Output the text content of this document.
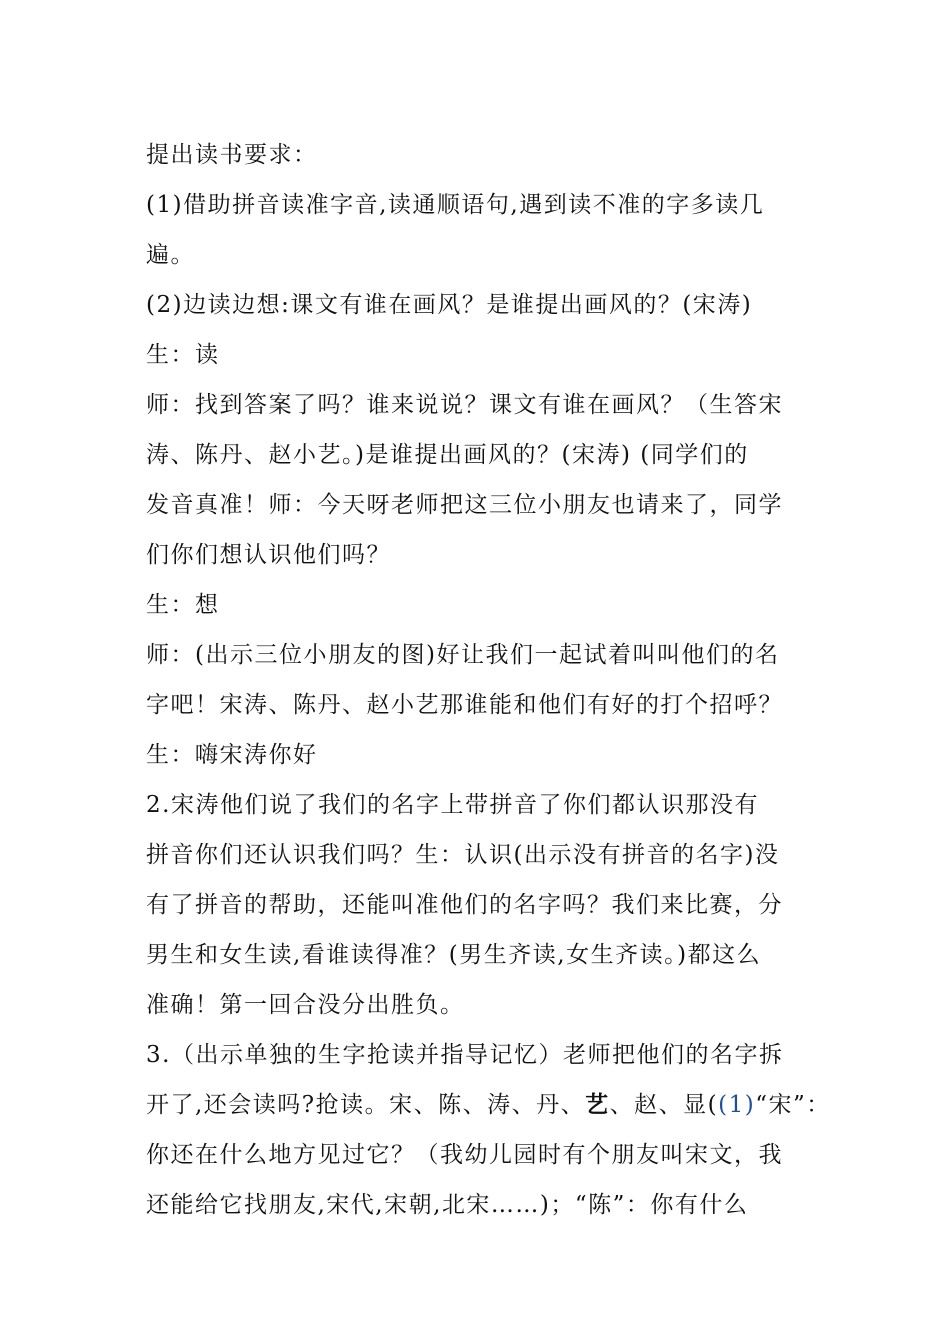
提出读书要求：
(1)借助拼音读准字音,读通顺语句,遇到读不准的字多读几
遍。
(2)边读边想:课文有谁在画风？是谁提出画风的？(宋涛)
生：读
师：找到答案了吗？谁来说说？课文有谁在画风？（生答宋
涛、陈丹、赵小艺。)是谁提出画风的？(宋涛) (同学们的
发音真准！师：今天呀老师把这三位小朋友也请来了，同学
们你们想认识他们吗？
生：想
师：(出示三位小朋友的图)好让我们一起试着叫叫他们的名
字吧！宋涛、陈丹、赵小艺那谁能和他们有好的打个招呼？
生：嗨宋涛你好
2.宋涛他们说了我们的名字上带拼音了你们都认识那没有
拼音你们还认识我们吗？生：认识(出示没有拼音的名字)没
有了拼音的帮助，还能叫准他们的名字吗？我们来比赛，分
男生和女生读,看谁读得准？(男生齐读,女生齐读。)都这么
准确！第一回合没分出胜负。
3.（出示单独的生字抢读并指导记忆）老师把他们的名字拆
开了,还会读吗?抢读。宋、陈、涛、丹、艺、赵、显((1)“宋”：
你还在什么地方见过它？（我幼儿园时有个朋友叫宋文，我
还能给它找朋友,宋代,宋朝,北宋……)；“陈”：你有什么
